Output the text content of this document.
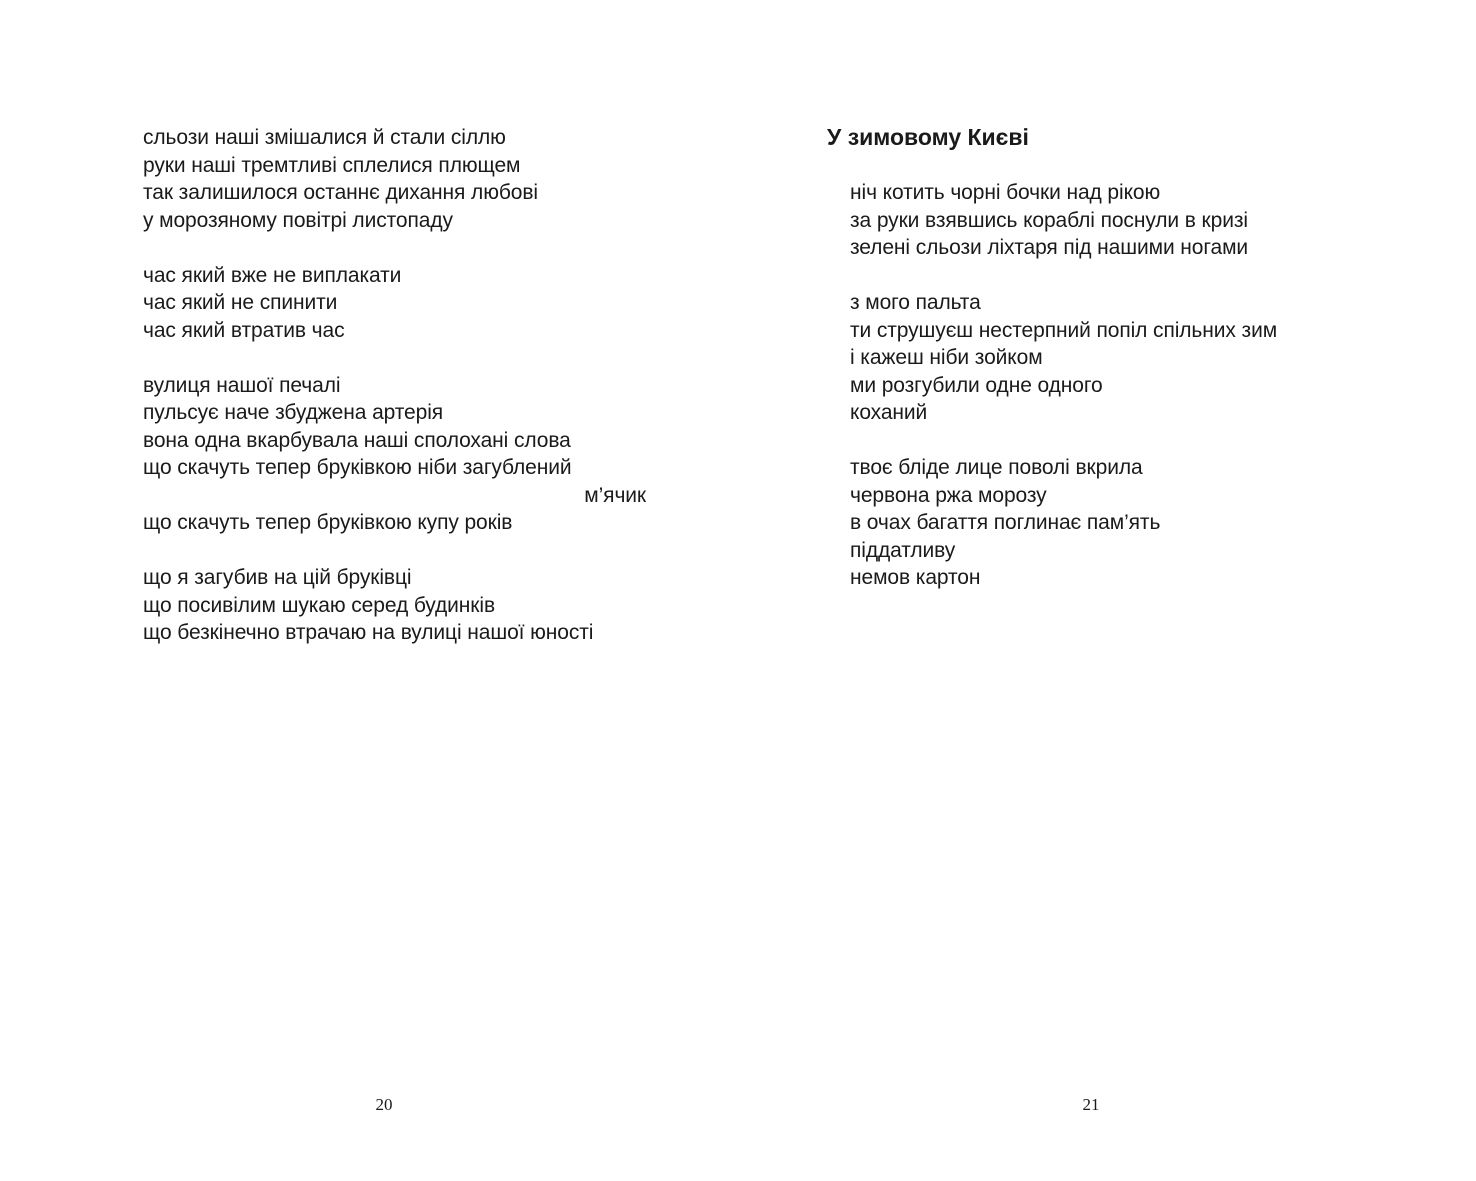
сльози наші змішалися й стали сіллю
руки наші тремтливі сплелися плющем
так залишилося останнє дихання любові
у морозяному повітрі листопаду
час який вже не виплакати
час який не спинити
час який втратив час
вулиця нашої печалі
пульсує наче збуджена артерія
вона одна вкарбувала наші сполохані слова
що скачуть тепер бруківкою ніби загублений
м’ячик
що скачуть тепер бруківкою купу років
що я загубив на цій бруківці
що посивілим шукаю серед будинків
що безкінечно втрачаю на вулиці нашої юності
20
У зимовому Києві
ніч котить чорні бочки над рікою
за руки взявшись кораблі поснули в кризі
зелені сльози ліхтаря під нашими ногами
з мого пальта
ти струшуєш нестерпний попіл спільних зим
і кажеш ніби зойком
ми розгубили одне одного
коханий
твоє бліде лице поволі вкрила
червона ржа морозу
в очах багаття поглинає пам’ять
піддатливу
немов картон
21
